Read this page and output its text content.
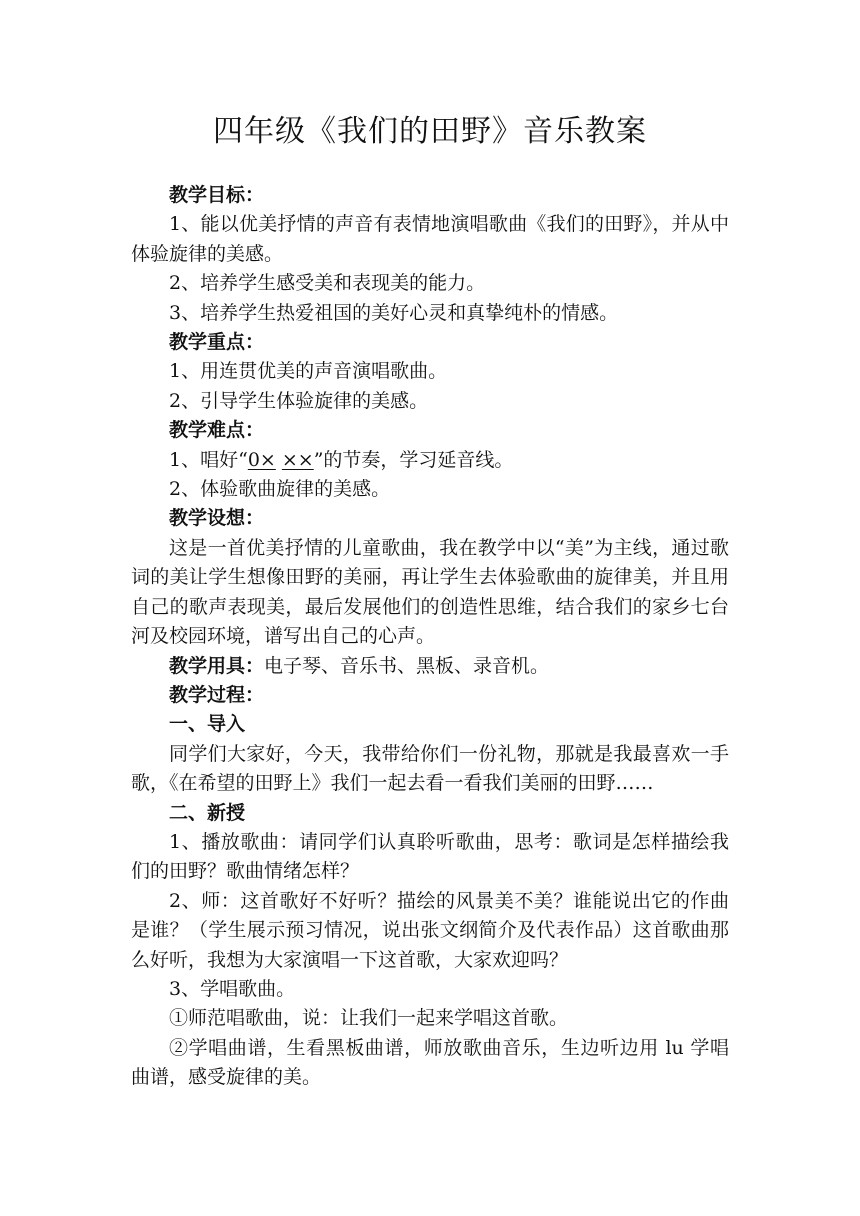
四年级《我们的田野》音乐教案

教学目标：

1、能以优美抒情的声音有表情地演唱歌曲《我们的田野》，并从中体验旋律的美感。

2、培养学生感受美和表现美的能力。

3、培养学生热爱祖国的美好心灵和真挚纯朴的情感。

教学重点：

1、用连贯优美的声音演唱歌曲。

2、引导学生体验旋律的美感。

教学难点：

1、唱好“0× ××”的节奏，学习延音线。

2、体验歌曲旋律的美感。

教学设想：

这是一首优美抒情的儿童歌曲，我在教学中以“美”为主线，通过歌词的美让学生想像田野的美丽，再让学生去体验歌曲的旋律美，并且用自己的歌声表现美，最后发展他们的创造性思维，结合我们的家乡七台河及校园环境，谱写出自己的心声。

教学用具：电子琴、音乐书、黑板、录音机。

教学过程：

一、导入

同学们大家好，今天，我带给你们一份礼物，那就是我最喜欢一手歌，《在希望的田野上》我们一起去看一看我们美丽的田野……

二、新授

1、播放歌曲：请同学们认真聆听歌曲，思考：歌词是怎样描绘我们的田野？歌曲情绪怎样？

2、师：这首歌好不好听？描绘的风景美不美？谁能说出它的作曲是谁？（学生展示预习情况，说出张文纲简介及代表作品）这首歌曲那么好听，我想为大家演唱一下这首歌，大家欢迎吗？

3、学唱歌曲。

①师范唱歌曲，说：让我们一起来学唱这首歌。

②学唱曲谱，生看黑板曲谱，师放歌曲音乐，生边听边用 lu 学唱曲谱，感受旋律的美。
